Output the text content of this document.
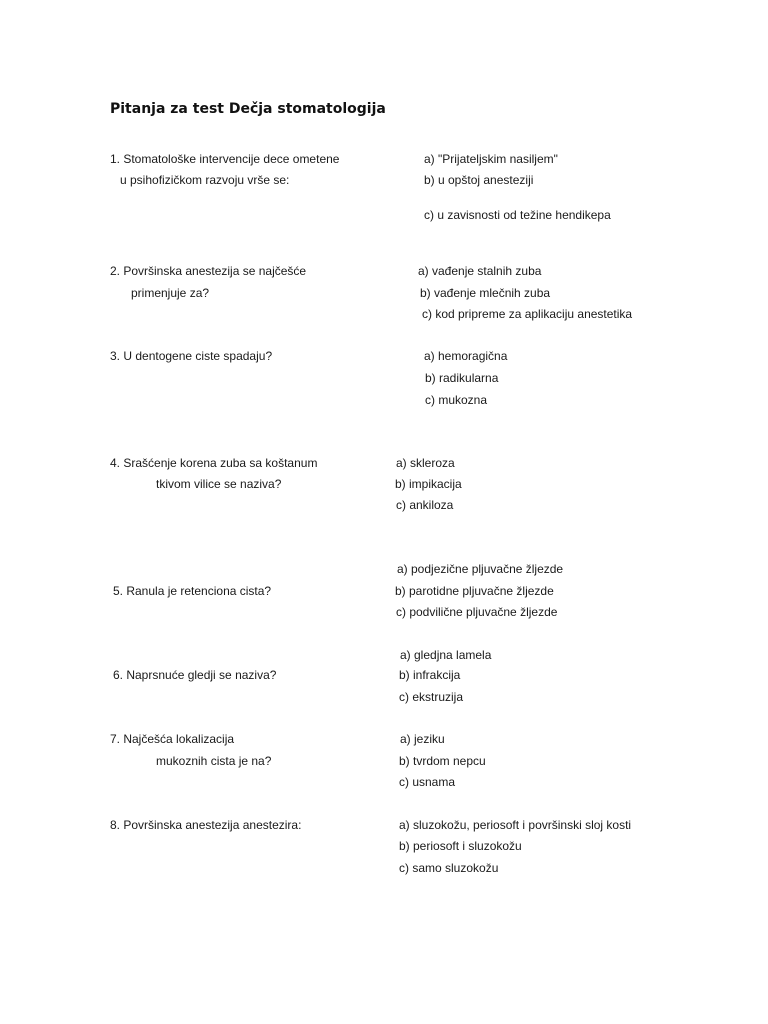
Pitanja za test Dečja stomatologija
1. Stomatološke intervencije dece ometene
u psihofizičkom razvoju vrše se:
a) "Prijateljskim nasiljem"
b) u opštoj anesteziji
c) u zavisnosti od težine hendikepa
2. Površinska anestezija se najčešće
primenjuje za?
a) vađenje stalnih zuba
b) vađenje mlečnih zuba
c) kod pripreme za aplikaciju anestetika
3. U dentogene ciste spadaju?	a) hemoragična
b) radikularna
c) mukozna
4. Srašćenje korena zuba sa koštanum
tkivom vilice se naziva?
a) skleroza
b) impikacija
c) ankiloza
5. Ranula je retenciona cista?
a) podjezične pljuvačne žljezde
b) parotidne pljuvačne žljezde
c) podviličnе pljuvačne žljezde
6. Naprsnuće gledji se naziva?
a) gledjna lamela
b) infrakcija
c) ekstruzija
7. Najčešća lokalizacija
mukoznih cista je na?
a) jeziku
b) tvrdom nepcu
c) usnama
8. Površinska anestezija anestezira:	a) sluzokožu, periosoft i površinski sloj kosti
b) periosoft i sluzokožu
c) samo sluzokožu
